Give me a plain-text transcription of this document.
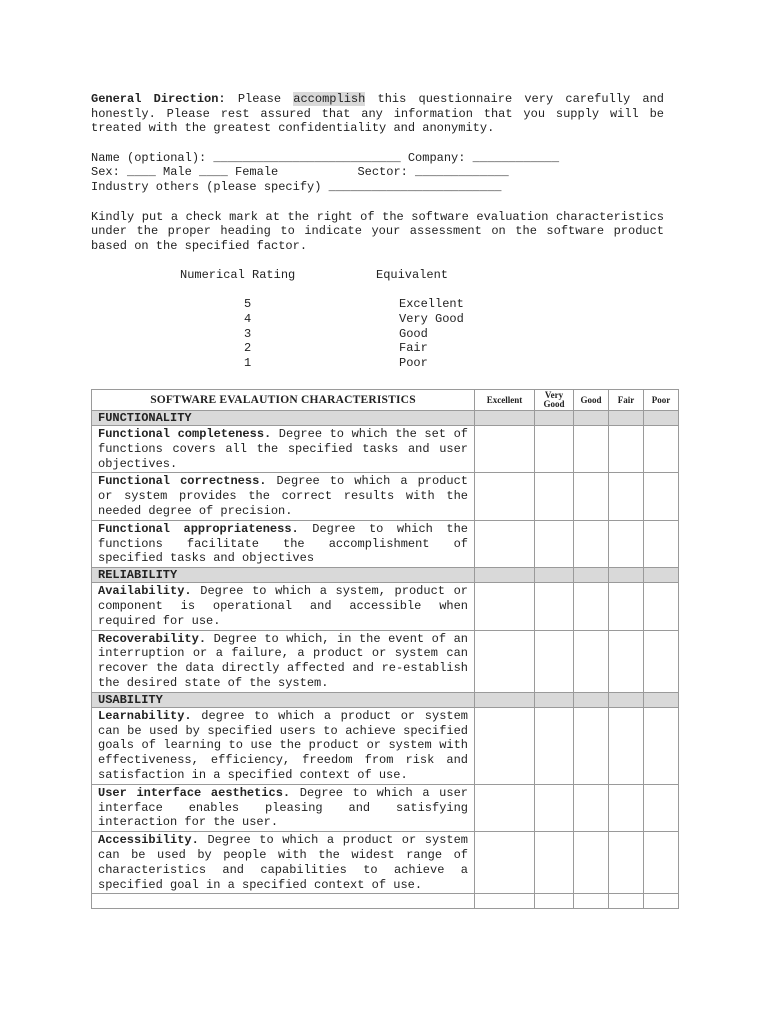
General Direction: Please accomplish this questionnaire very carefully and honestly. Please rest assured that any information that you supply will be treated with the greatest confidentiality and anonymity.

Name (optional): __________________________ Company: ____________

Sex: ____ Male ____ Female           Sector: _____________

Industry others (please specify) ________________________

Kindly put a check mark at the right of the software evaluation characteristics under the proper heading to indicate your assessment on the software product based on the specified factor.

Numerical Rating	Equivalent
5	Excellent
4	Very Good
3	Good
2	Fair
1	Poor
SOFTWARE EVALAUTION CHARACTERISTICS	Excellent	Very Good	Good	Fair	Poor
FUNCTIONALITY					

Functional completeness. Degree to which the set of functions covers all the specified tasks and user objectives.					

Functional correctness. Degree to which a product or system provides the correct results with the needed degree of precision.					

Functional appropriateness. Degree to which the functions facilitate the accomplishment of specified tasks and objectives					

RELIABILITY					

Availability. Degree to which a system, product or component is operational and accessible when required for use.					

Recoverability. Degree to which, in the event of an interruption or a failure, a product or system can recover the data directly affected and re-establish the desired state of the system.					

USABILITY					

Learnability. degree to which a product or system can be used by specified users to achieve specified goals of learning to use the product or system with effectiveness, efficiency, freedom from risk and satisfaction in a specified context of use.					

User interface aesthetics. Degree to which a user interface enables pleasing and satisfying interaction for the user.					

Accessibility. Degree to which a product or system can be used by people with the widest range of characteristics and capabilities to achieve a specified goal in a specified context of use.					
